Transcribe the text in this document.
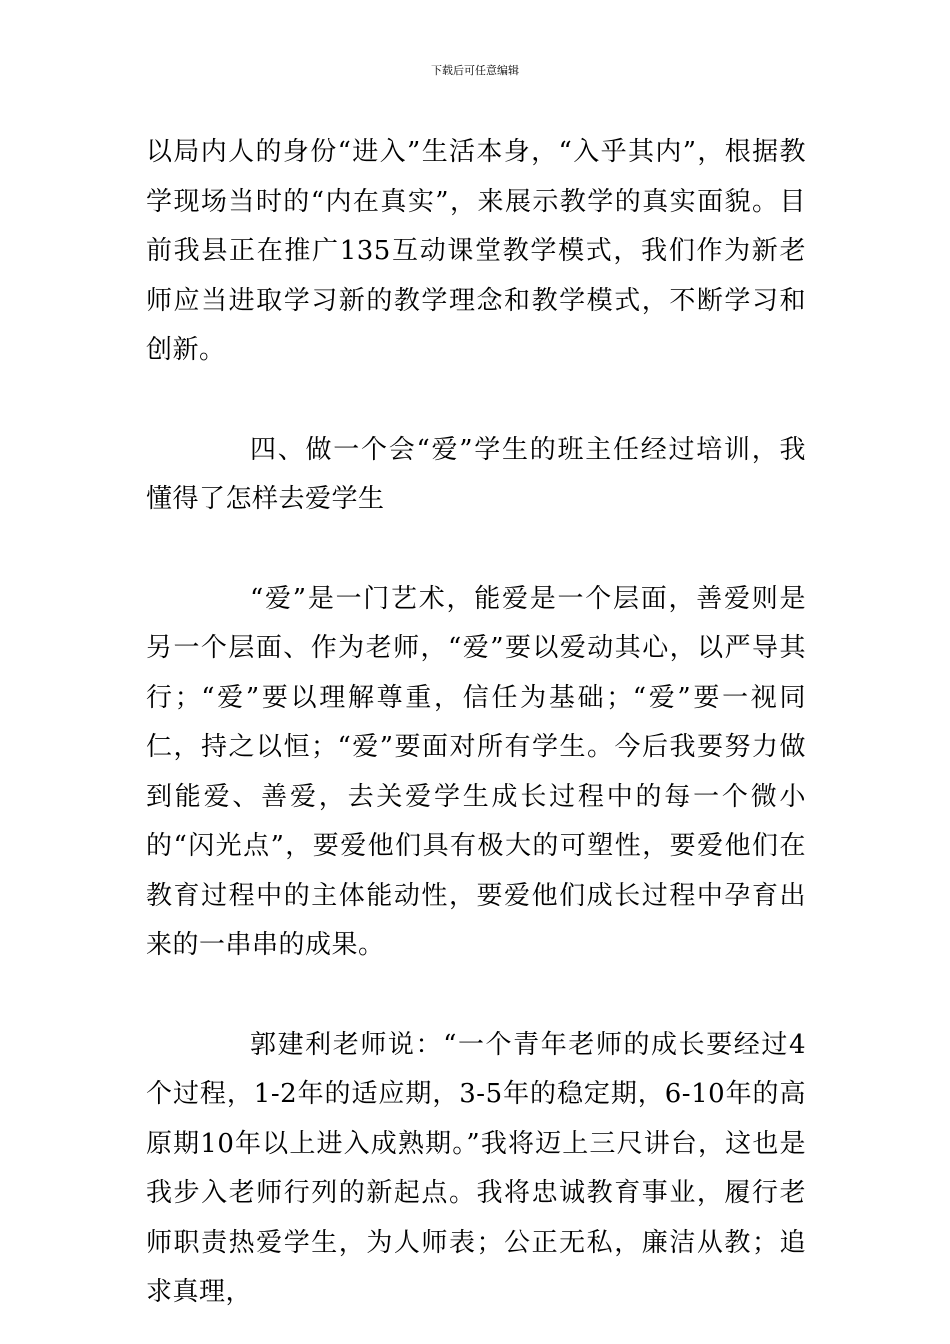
下载后可任意编辑

以局内人的身份“进入”生活本身，“入乎其内”，根据教学现场当时的“内在真实”，来展示教学的真实面貌。目前我县正在推广135互动课堂教学模式，我们作为新老师应当进取学习新的教学理念和教学模式，不断学习和创新。

四、做一个会“爱”学生的班主任经过培训，我懂得了怎样去爱学生

“爱”是一门艺术，能爱是一个层面，善爱则是另一个层面、作为老师，“爱”要以爱动其心，以严导其行；“爱”要以理解尊重，信任为基础；“爱”要一视同仁，持之以恒；“爱”要面对所有学生。今后我要努力做到能爱、善爱，去关爱学生成长过程中的每一个微小的“闪光点”，要爱他们具有极大的可塑性，要爱他们在教育过程中的主体能动性，要爱他们成长过程中孕育出来的一串串的成果。

郭建利老师说：“一个青年老师的成长要经过4个过程，1-2年的适应期，3-5年的稳定期，6-10年的高原期10年以上进入成熟期。”我将迈上三尺讲台，这也是我步入老师行列的新起点。我将忠诚教育事业，履行老师职责热爱学生，为人师表；公正无私，廉洁从教；追求真理，
